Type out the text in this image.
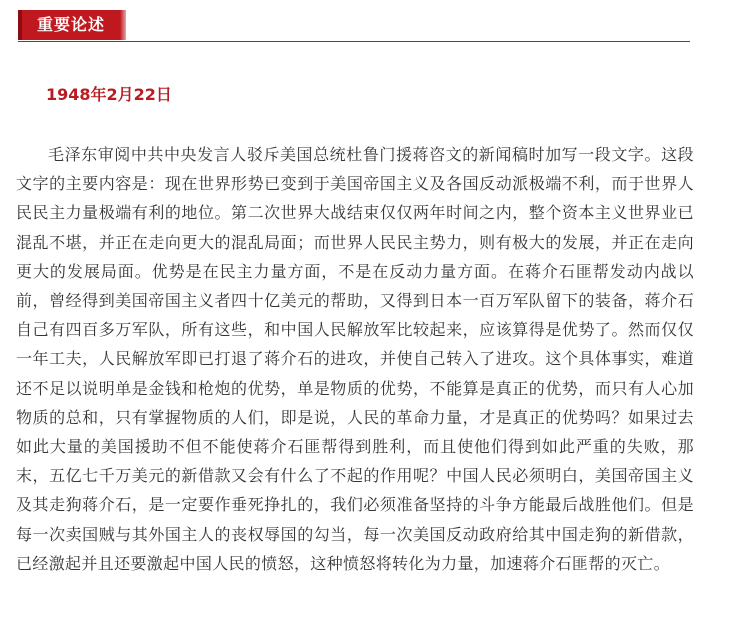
重要论述
1948年2月22日

毛泽东审阅中共中央发言人驳斥美国总统杜鲁门援蒋咨文的新闻稿时加写一段文字。这段文字的主要内容是：现在世界形势已变到于美国帝国主义及各国反动派极端不利，而于世界人民民主力量极端有利的地位。第二次世界大战结束仅仅两年时间之内，整个资本主义世界业已混乱不堪，并正在走向更大的混乱局面；而世界人民民主势力，则有极大的发展，并正在走向更大的发展局面。优势是在民主力量方面，不是在反动力量方面。在蒋介石匪帮发动内战以前，曾经得到美国帝国主义者四十亿美元的帮助，又得到日本一百万军队留下的装备，蒋介石自己有四百多万军队，所有这些，和中国人民解放军比较起来，应该算得是优势了。然而仅仅一年工夫，人民解放军即已打退了蒋介石的进攻，并使自己转入了进攻。这个具体事实，难道还不足以说明单是金钱和枪炮的优势，单是物质的优势，不能算是真正的优势，而只有人心加物质的总和，只有掌握物质的人们，即是说，人民的革命力量，才是真正的优势吗？如果过去如此大量的美国援助不但不能使蒋介石匪帮得到胜利，而且使他们得到如此严重的失败，那末，五亿七千万美元的新借款又会有什么了不起的作用呢？中国人民必须明白，美国帝国主义及其走狗蒋介石，是一定要作垂死挣扎的，我们必须准备坚持的斗争方能最后战胜他们。但是每一次卖国贼与其外国主人的丧权辱国的勾当，每一次美国反动政府给其中国走狗的新借款，已经激起并且还要激起中国人民的愤怒，这种愤怒将转化为力量，加速蒋介石匪帮的灭亡。
